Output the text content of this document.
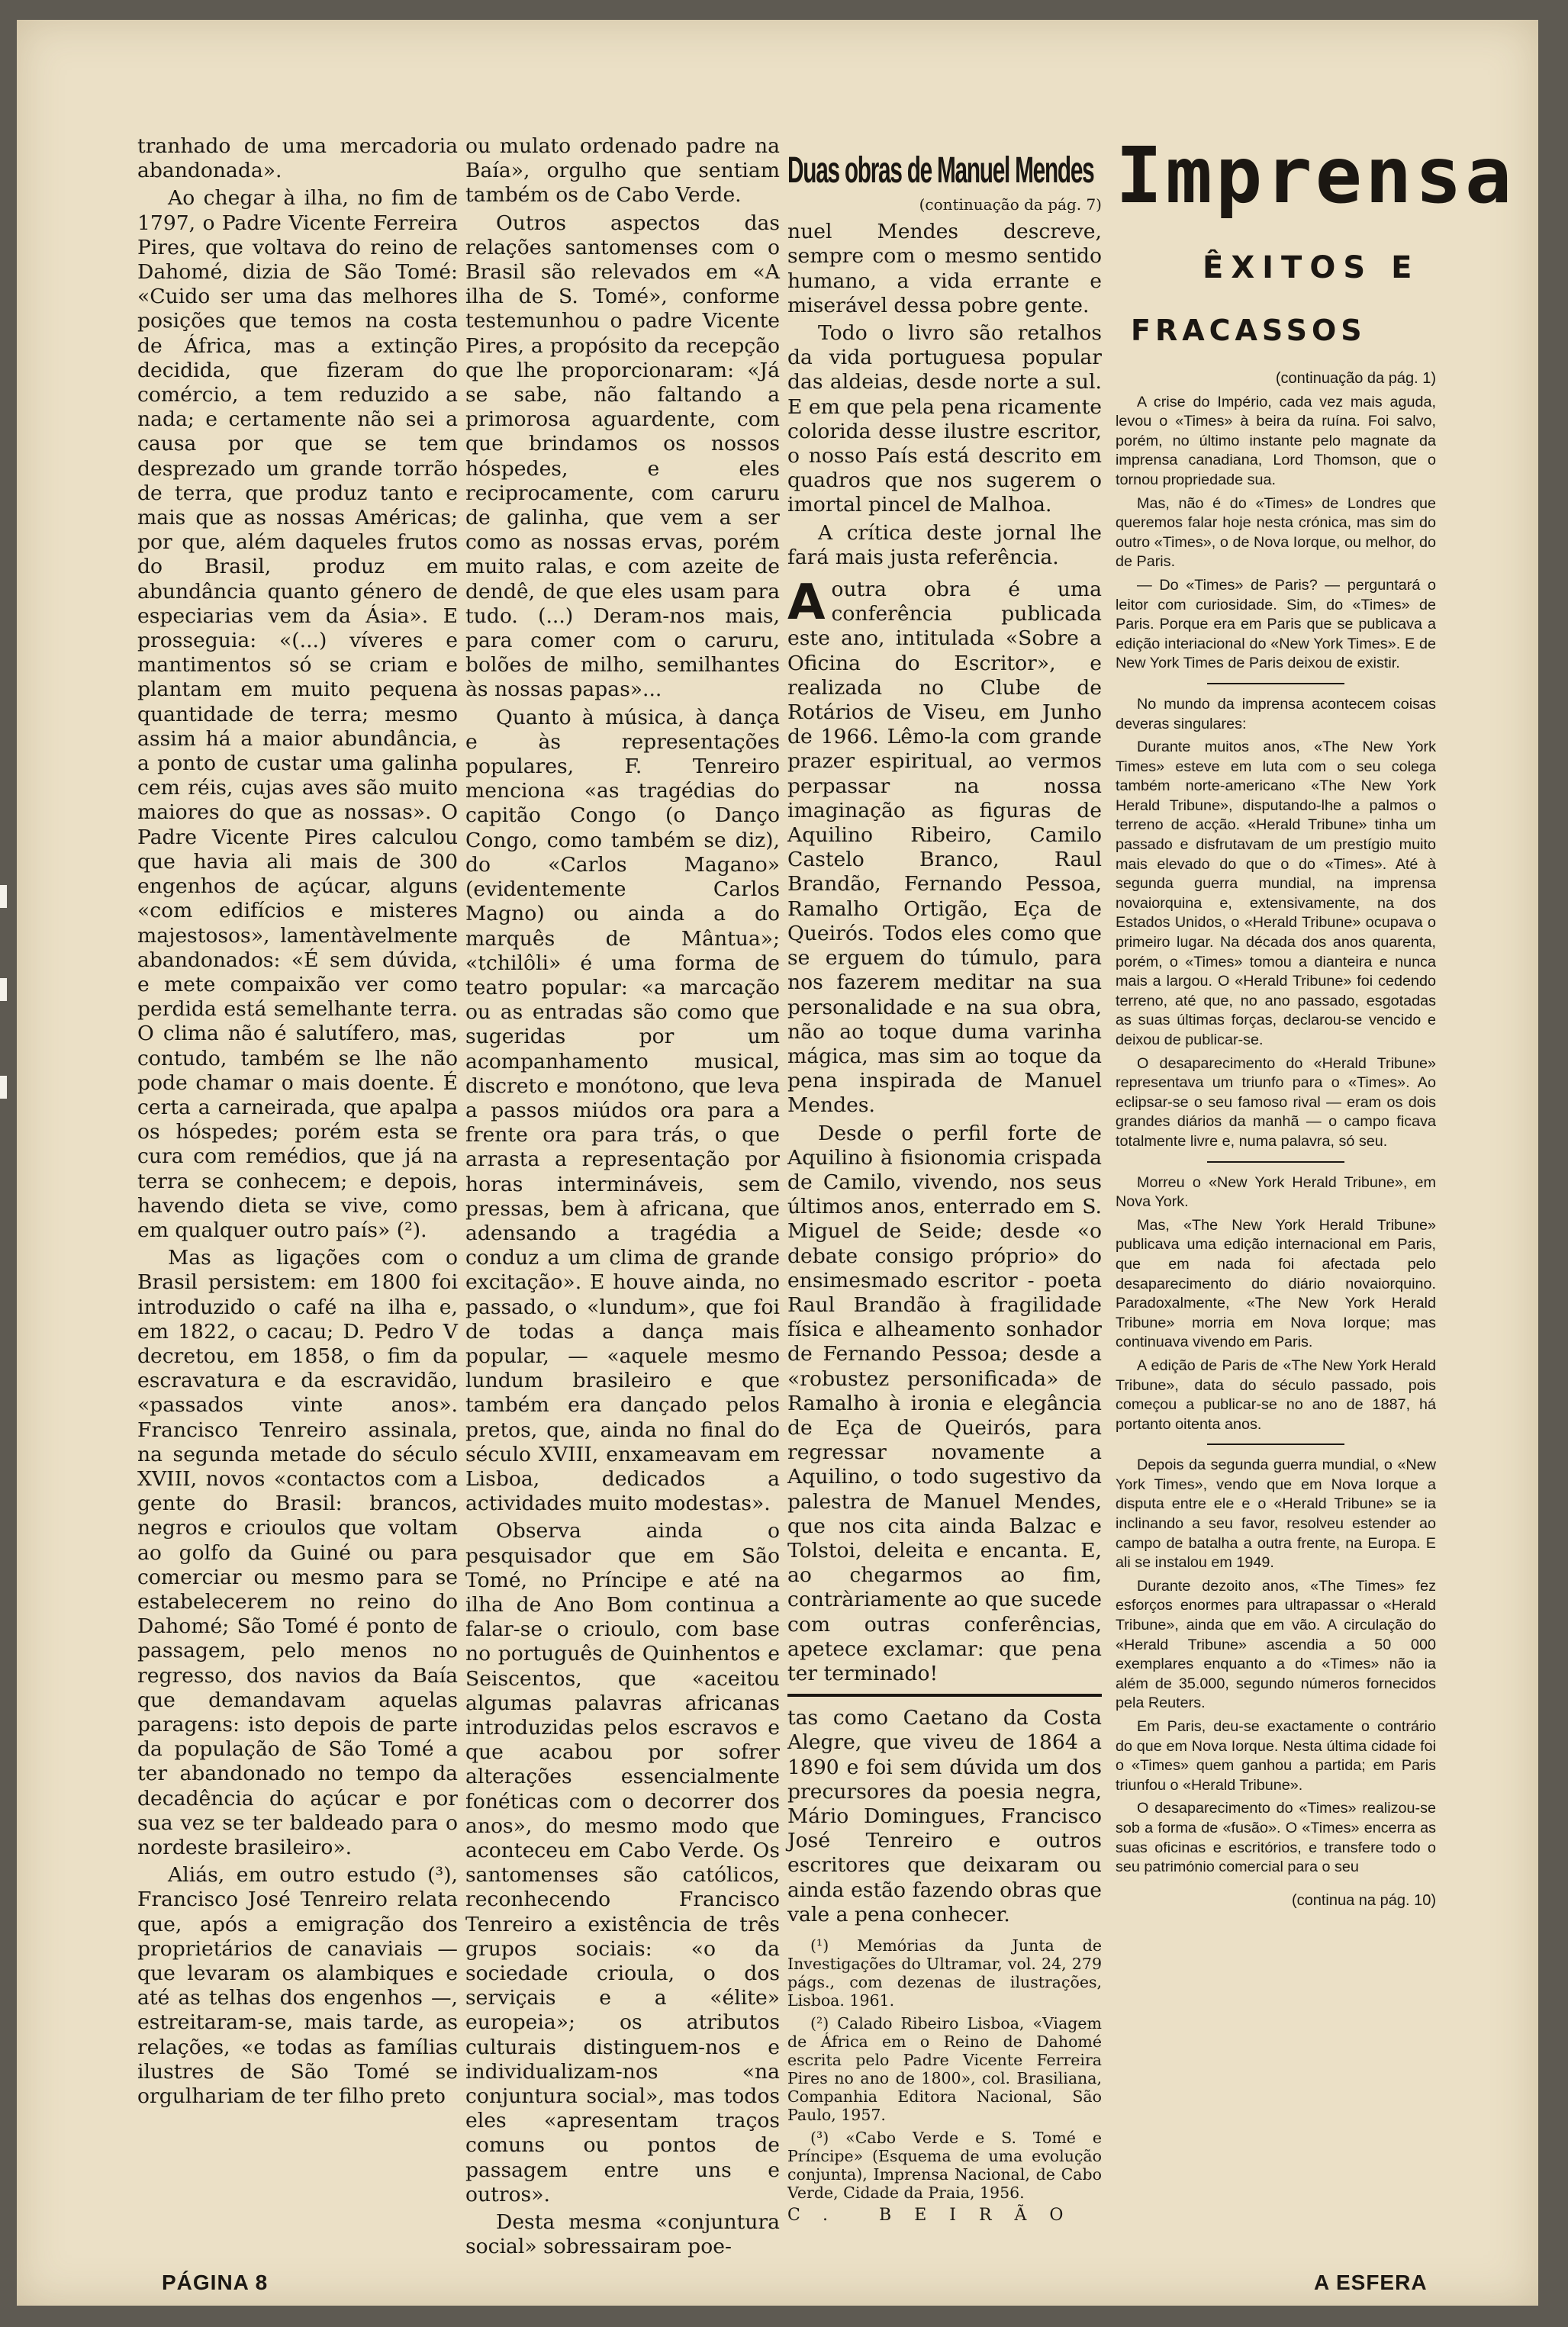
tranhado de uma mercadoria abandonada».

Ao chegar à ilha, no fim de 1797, o Padre Vicente Ferreira Pires, que voltava do reino de Dahomé, dizia de São Tomé: «Cuido ser uma das melhores posições que temos na costa de África, mas a extinção decidida, que fizeram do comércio, a tem reduzido a nada; e certamente não sei a causa por que se tem desprezado um grande torrão de terra, que produz tanto e mais que as nossas Américas; por que, além daqueles frutos do Brasil, produz em abundância quanto género de especiarias vem da Ásia». E prosseguia: «(...) víveres e mantimentos só se criam e plantam em muito pequena quantidade de terra; mesmo assim há a maior abundância, a ponto de custar uma galinha cem réis, cujas aves são muito maiores do que as nossas». O Padre Vicente Pires calculou que havia ali mais de 300 engenhos de açúcar, alguns «com edifícios e misteres majestosos», lamentàvelmente abandonados: «É sem dúvida, e mete compaixão ver como perdida está semelhante terra. O clima não é salutífero, mas, contudo, também se lhe não pode chamar o mais doente. É certa a carneirada, que apalpa os hóspedes; porém esta se cura com remédios, que já na terra se conhecem; e depois, havendo dieta se vive, como em qualquer outro país» (²).

Mas as ligações com o Brasil persistem: em 1800 foi introduzido o café na ilha e, em 1822, o cacau; D. Pedro V decretou, em 1858, o fim da escravatura e da escravidão, «passados vinte anos». Francisco Tenreiro assinala, na segunda metade do século XVIII, novos «contactos com a gente do Brasil: brancos, negros e crioulos que voltam ao golfo da Guiné ou para comerciar ou mesmo para se estabelecerem no reino do Dahomé; São Tomé é ponto de passagem, pelo menos no regresso, dos navios da Baía que demandavam aquelas paragens: isto depois de parte da população de São Tomé a ter abandonado no tempo da decadência do açúcar e por sua vez se ter baldeado para o nordeste brasileiro».

Aliás, em outro estudo (³), Francisco José Tenreiro relata que, após a emigração dos proprietários de canaviais — que levaram os alambiques e até as telhas dos engenhos —, estreitaram-se, mais tarde, as relações, «e todas as famílias ilustres de São Tomé se orgulhariam de ter filho preto

ou mulato ordenado padre na Baía», orgulho que sentiam também os de Cabo Verde.

Outros aspectos das relações santomenses com o Brasil são relevados em «A ilha de S. Tomé», conforme testemunhou o padre Vicente Pires, a propósito da recepção que lhe proporcionaram: «Já se sabe, não faltando a primorosa aguardente, com que brindamos os nossos hóspedes, e eles reciprocamente, com caruru de galinha, que vem a ser como as nossas ervas, porém muito ralas, e com azeite de dendê, de que eles usam para tudo. (...) Deram-nos mais, para comer com o caruru, bolões de milho, semilhantes às nossas papas»...

Quanto à música, à dança e às representações populares, F. Tenreiro menciona «as tragédias do capitão Congo (o Danço Congo, como também se diz), do «Carlos Magano» (evidentemente Carlos Magno) ou ainda a do marquês de Mântua»; «tchilôli» é uma forma de teatro popular: «a marcação ou as entradas são como que sugeridas por um acompanhamento musical, discreto e monótono, que leva a passos miúdos ora para a frente ora para trás, o que arrasta a representação por horas intermináveis, sem pressas, bem à africana, que adensando a tragédia a conduz a um clima de grande excitação». E houve ainda, no passado, o «lundum», que foi de todas a dança mais popular, — «aquele mesmo lundum brasileiro e que também era dançado pelos pretos, que, ainda no final do século XVIII, enxameavam em Lisboa, dedicados a actividades muito modestas».

Observa ainda o pesquisador que em São Tomé, no Príncipe e até na ilha de Ano Bom continua a falar-se o crioulo, com base no português de Quinhentos e Seiscentos, que «aceitou algumas palavras africanas introduzidas pelos escravos e que acabou por sofrer alterações essencialmente fonéticas com o decorrer dos anos», do mesmo modo que aconteceu em Cabo Verde. Os santomenses são católicos, reconhecendo Francisco Tenreiro a existência de três grupos sociais: «o da sociedade crioula, o dos serviçais e a «élite» europeia»; os atributos culturais distinguem-nos e individualizam-nos «na conjuntura social», mas todos eles «apresentam traços comuns ou pontos de passagem entre uns e outros».

Desta mesma «conjuntura social» sobressairam poe-

Duas obras de Manuel Mendes

(continuação da pág. 7)

nuel Mendes descreve, sempre com o mesmo sentido humano, a vida errante e miserável dessa pobre gente.

Todo o livro são retalhos da vida portuguesa popular das aldeias, desde norte a sul. E em que pela pena ricamente colorida desse ilustre escritor, o nosso País está descrito em quadros que nos sugerem o imortal pincel de Malhoa.

A crítica deste jornal lhe fará mais justa referência.

Aoutra obra é uma conferência publicada este ano, intitulada «Sobre a Oficina do Escritor», e realizada no Clube de Rotários de Viseu, em Junho de 1966. Lêmo-la com grande prazer espiritual, ao vermos perpassar na nossa imaginação as figuras de Aquilino Ribeiro, Camilo Castelo Branco, Raul Brandão, Fernando Pessoa, Ramalho Ortigão, Eça de Queirós. Todos eles como que se erguem do túmulo, para nos fazerem meditar na sua personalidade e na sua obra, não ao toque duma varinha mágica, mas sim ao toque da pena inspirada de Manuel Mendes.

Desde o perfil forte de Aquilino à fisionomia crispada de Camilo, vivendo, nos seus últimos anos, enterrado em S. Miguel de Seide; desde «o debate consigo próprio» do ensimesmado escritor - poeta Raul Brandão à fragilidade física e alheamento sonhador de Fernando Pessoa; desde a «robustez personificada» de Ramalho à ironia e elegância de Eça de Queirós, para regressar novamente a Aquilino, o todo sugestivo da palestra de Manuel Mendes, que nos cita ainda Balzac e Tolstoi, deleita e encanta. E, ao chegarmos ao fim, contràriamente ao que sucede com outras conferências, apetece exclamar: que pena ter terminado!

tas como Caetano da Costa Alegre, que viveu de 1864 a 1890 e foi sem dúvida um dos precursores da poesia negra, Mário Domingues, Francisco José Tenreiro e outros escritores que deixaram ou ainda estão fazendo obras que vale a pena conhecer.

(¹) Memórias da Junta de Investigações do Ultramar, vol. 24, 279 págs., com dezenas de ilustrações, Lisboa. 1961.

(²) Calado Ribeiro Lisboa, «Viagem de África em o Reino de Dahomé escrita pelo Padre Vicente Ferreira Pires no ano de 1800», col. Brasiliana, Companhia Editora Nacional, São Paulo, 1957.

(³) «Cabo Verde e S. Tomé e Príncipe» (Esquema de uma evolução conjunta), Imprensa Nacional, de Cabo Verde, Cidade da Praia, 1956.

C. BEIRÃO
Imprensa
ÊXITOS E
FRACASSOS

(continuação da pág. 1)

A crise do Império, cada vez mais aguda, levou o «Times» à beira da ruína. Foi salvo, porém, no último instante pelo magnate da imprensa canadiana, Lord Thomson, que o tornou propriedade sua.

Mas, não é do «Times» de Londres que queremos falar hoje nesta crónica, mas sim do outro «Times», o de Nova Iorque, ou melhor, do de Paris.

— Do «Times» de Paris? — perguntará o leitor com curiosidade. Sim, do «Times» de Paris. Porque era em Paris que se publicava a edição interiacional do «New York Times». E de New York Times de Paris deixou de existir.

No mundo da imprensa acontecem coisas deveras singulares:

Durante muitos anos, «The New York Times» esteve em luta com o seu colega também norte-americano «The New York Herald Tribune», disputando-lhe a palmos o terreno de acção. «Herald Tribune» tinha um passado e disfrutavam de um prestígio muito mais elevado do que o do «Times». Até à segunda guerra mundial, na imprensa novaiorquina e, extensivamente, na dos Estados Unidos, o «Herald Tribune» ocupava o primeiro lugar. Na década dos anos quarenta, porém, o «Times» tomou a dianteira e nunca mais a largou. O «Herald Tribune» foi cedendo terreno, até que, no ano passado, esgotadas as suas últimas forças, declarou-se vencido e deixou de publicar-se.

O desaparecimento do «Herald Tribune» representava um triunfo para o «Times». Ao eclipsar-se o seu famoso rival — eram os dois grandes diários da manhã — o campo ficava totalmente livre e, numa palavra, só seu.

Morreu o «New York Herald Tribune», em Nova York.

Mas, «The New York Herald Tribune» publicava uma edição internacional em Paris, que em nada foi afectada pelo desaparecimento do diário novaiorquino. Paradoxalmente, «The New York Herald Tribune» morria em Nova Iorque; mas continuava vivendo em Paris.

A edição de Paris de «The New York Herald Tribune», data do século passado, pois começou a publicar-se no ano de 1887, há portanto oitenta anos.

Depois da segunda guerra mundial, o «New York Times», vendo que em Nova Iorque a disputa entre ele e o «Herald Tribune» se ia inclinando a seu favor, resolveu estender ao campo de batalha a outra frente, na Europa. E ali se instalou em 1949.

Durante dezoito anos, «The Times» fez esforços enormes para ultrapassar o «Herald Tribune», ainda que em vão. A circulação do «Herald Tribune» ascendia a 50 000 exemplares enquanto a do «Times» não ia além de 35.000, segundo números fornecidos pela Reuters.

Em Paris, deu-se exactamente o contrário do que em Nova Iorque. Nesta última cidade foi o «Times» quem ganhou a partida; em Paris triunfou o «Herald Tribune».

O desaparecimento do «Times» realizou-se sob a forma de «fusão». O «Times» encerra as suas oficinas e escritórios, e transfere todo o seu património comercial para o seu

(continua na pág. 10)

PÁGINA 8	A ESFERA
